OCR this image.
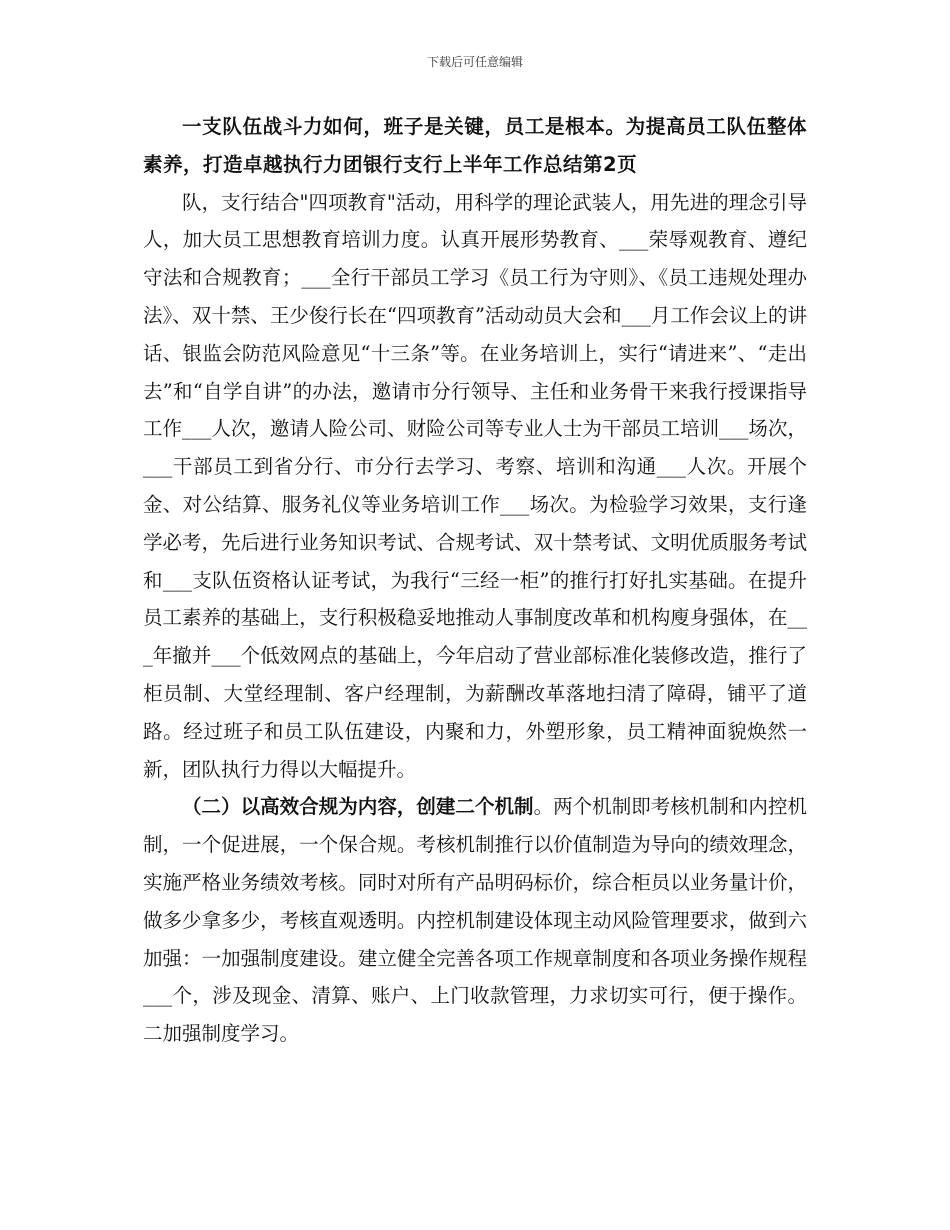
下载后可任意编辑

一支队伍战斗力如何，班子是关键，员工是根本。为提高员工队伍整体素养，打造卓越执行力团银行支行上半年工作总结第2页

队，支行结合"四项教育"活动，用科学的理论武装人，用先进的理念引导人，加大员工思想教育培训力度。认真开展形势教育、___荣辱观教育、遵纪守法和合规教育；___全行干部员工学习《员工行为守则》、《员工违规处理办法》、双十禁、王少俊行长在“四项教育”活动动员大会和___月工作会议上的讲话、银监会防范风险意见“十三条”等。在业务培训上，实行“请进来”、“走出去”和“自学自讲”的办法，邀请市分行领导、主任和业务骨干来我行授课指导工作___人次，邀请人险公司、财险公司等专业人士为干部员工培训___场次，___干部员工到省分行、市分行去学习、考察、培训和沟通___人次。开展个金、对公结算、服务礼仪等业务培训工作___场次。为检验学习效果，支行逢学必考，先后进行业务知识考试、合规考试、双十禁考试、文明优质服务考试和___支队伍资格认证考试，为我行“三经一柜”的推行打好扎实基础。在提升员工素养的基础上，支行积极稳妥地推动人事制度改革和机构廋身强体，在___年撤并___个低效网点的基础上，今年启动了营业部标准化装修改造，推行了柜员制、大堂经理制、客户经理制，为薪酬改革落地扫清了障碍，铺平了道路。经过班子和员工队伍建设，内聚和力，外塑形象，员工精神面貌焕然一新，团队执行力得以大幅提升。

（二）以高效合规为内容，创建二个机制。两个机制即考核机制和内控机制，一个促进展，一个保合规。考核机制推行以价值制造为导向的绩效理念，实施严格业务绩效考核。同时对所有产品明码标价，综合柜员以业务量计价，做多少拿多少，考核直观透明。内控机制建设体现主动风险管理要求，做到六加强：一加强制度建设。建立健全完善各项工作规章制度和各项业务操作规程___个，涉及现金、清算、账户、上门收款管理，力求切实可行，便于操作。二加强制度学习。
